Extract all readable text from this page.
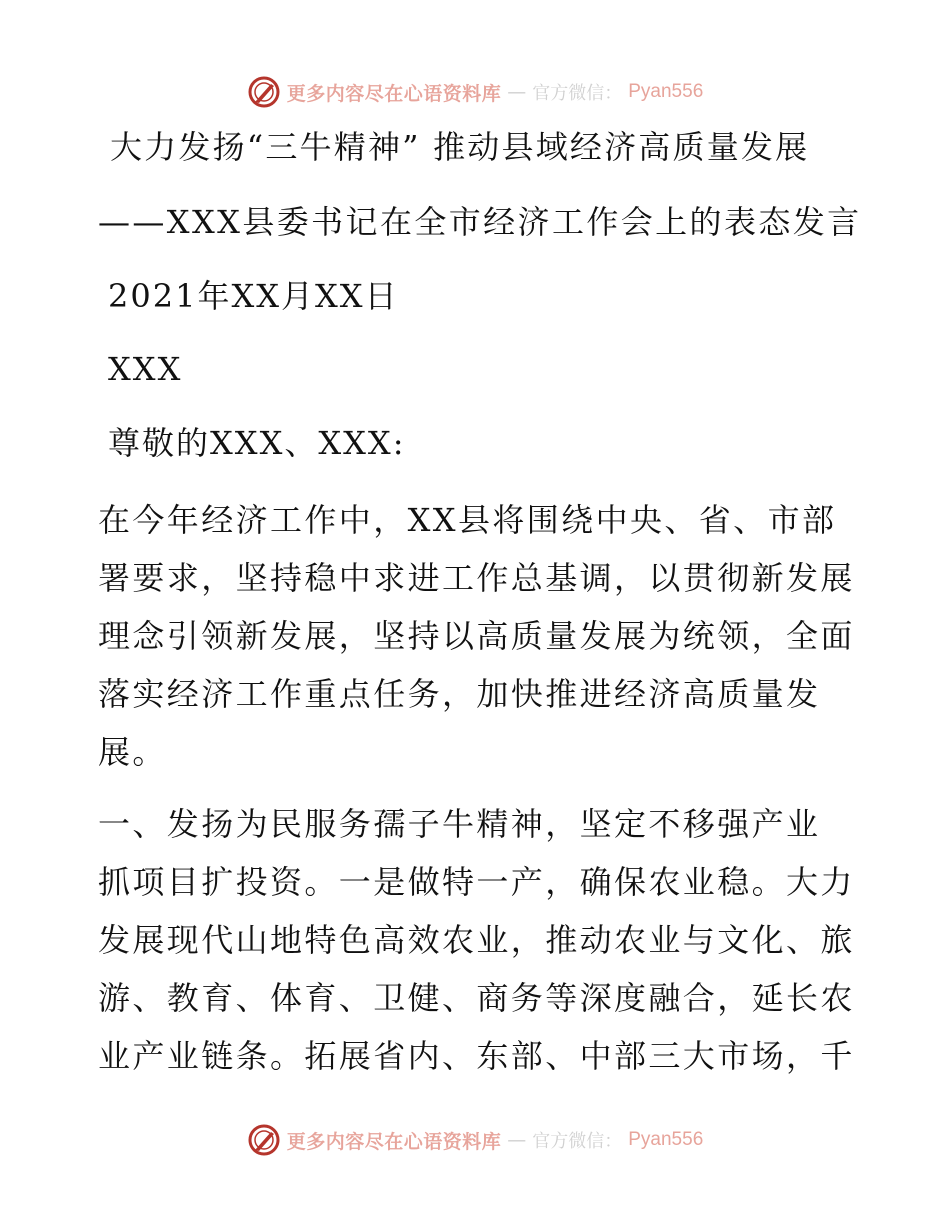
更多内容尽在心语资料库 — 官方微信： Pyan556
大力发扬“三牛精神” 推动县域经济高质量发展
——XXX县委书记在全市经济工作会上的表态发言
2021年XX月XX日
XXX
尊敬的XXX、XXX:
在今年经济工作中，XX县将围绕中央、省、市部
署要求，坚持稳中求进工作总基调，以贯彻新发展
理念引领新发展，坚持以高质量发展为统领，全面
落实经济工作重点任务，加快推进经济高质量发
展。
一、发扬为民服务孺子牛精神，坚定不移强产业
抓项目扩投资。一是做特一产，确保农业稳。大力
发展现代山地特色高效农业，推动农业与文化、旅
游、教育、体育、卫健、商务等深度融合，延长农
业产业链条。拓展省内、东部、中部三大市场，千
更多内容尽在心语资料库 — 官方微信： Pyan556
